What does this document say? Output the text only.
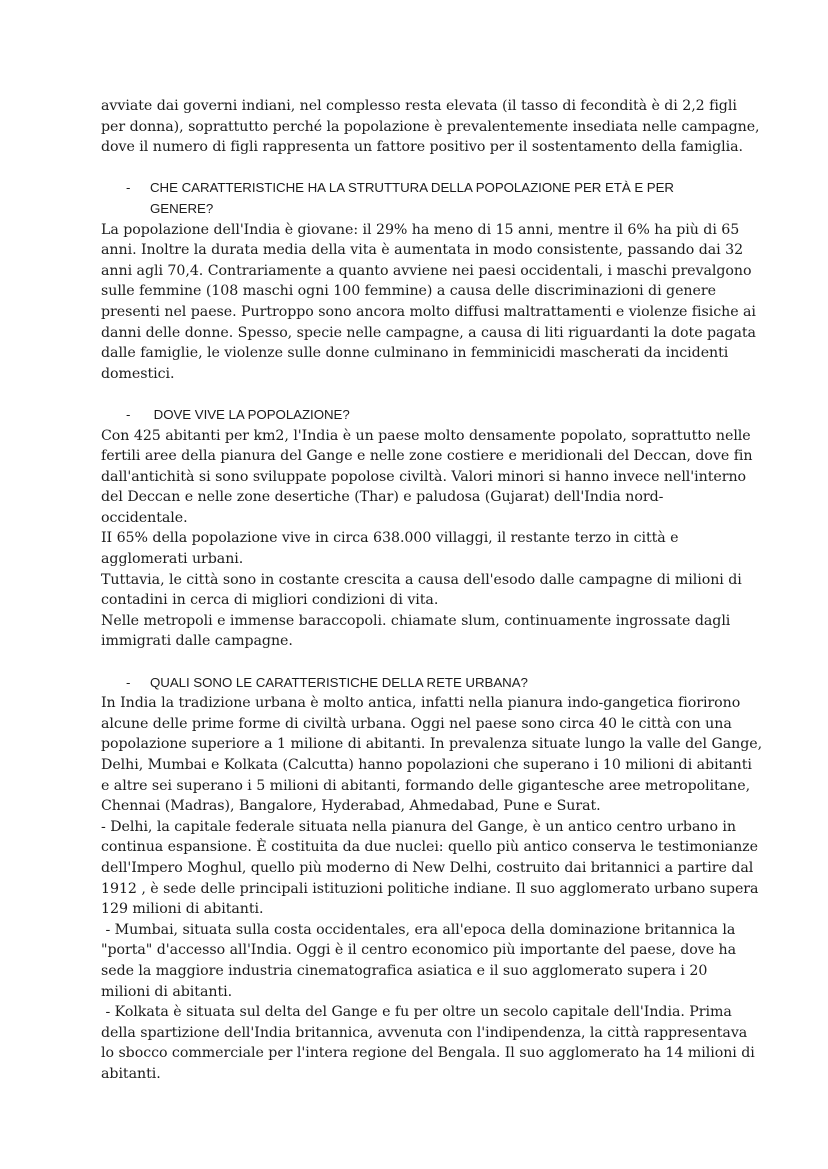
avviate dai governi indiani, nel complesso resta elevata (il tasso di fecondità è di 2,2 figli
per donna), soprattutto perché la popolazione è prevalentemente insediata nelle campagne,
dove il numero di figli rappresenta un fattore positivo per il sostentamento della famiglia.

- CHE CARATTERISTICHE HA LA STRUTTURA DELLA POPOLAZIONE PER ETÀ E PER
GENERE?

La popolazione dell'India è giovane: il 29% ha meno di 15 anni, mentre il 6% ha più di 65
anni. Inoltre la durata media della vita è aumentata in modo consistente, passando dai 32
anni agli 70,4. Contrariamente a quanto avviene nei paesi occidentali, i maschi prevalgono
sulle femmine (108 maschi ogni 100 femmine) a causa delle discriminazioni di genere
presenti nel paese. Purtroppo sono ancora molto diffusi maltrattamenti e violenze fisiche ai
danni delle donne. Spesso, specie nelle campagne, a causa di liti riguardanti la dote pagata
dalle famiglie, le violenze sulle donne culminano in femminicidi mascherati da incidenti
domestici.

- DOVE VIVE LA POPOLAZIONE?

Con 425 abitanti per km2, l'India è un paese molto densamente popolato, soprattutto nelle
fertili aree della pianura del Gange e nelle zone costiere e meridionali del Deccan, dove fin
dall'antichità si sono sviluppate popolose civiltà. Valori minori si hanno invece nell'interno
del Deccan e nelle zone desertiche (Thar) e paludosa (Gujarat) dell'India nord-
occidentale.
II 65% della popolazione vive in circa 638.000 villaggi, il restante terzo in città e
agglomerati urbani.
Tuttavia, le città sono in costante crescita a causa dell'esodo dalle campagne di milioni di
contadini in cerca di migliori condizioni di vita.
Nelle metropoli e immense baraccopoli. chiamate slum, continuamente ingrossate dagli
immigrati dalle campagne.

- QUALI SONO LE CARATTERISTICHE DELLA RETE URBANA?

In India la tradizione urbana è molto antica, infatti nella pianura indo-gangetica fiorirono
alcune delle prime forme di civiltà urbana. Oggi nel paese sono circa 40 le città con una
popolazione superiore a 1 milione di abitanti. In prevalenza situate lungo la valle del Gange,
Delhi, Mumbai e Kolkata (Calcutta) hanno popolazioni che superano i 10 milioni di abitanti
e altre sei superano i 5 milioni di abitanti, formando delle gigantesche aree metropolitane,
Chennai (Madras), Bangalore, Hyderabad, Ahmedabad, Pune e Surat.
- Delhi, la capitale federale situata nella pianura del Gange, è un antico centro urbano in
continua espansione. È costituita da due nuclei: quello più antico conserva le testimonianze
dell'Impero Moghul, quello più moderno di New Delhi, costruito dai britannici a partire dal
1912 , è sede delle principali istituzioni politiche indiane. Il suo agglomerato urbano supera
129 milioni di abitanti.
- Mumbai, situata sulla costa occidentales, era all'epoca della dominazione britannica la
"porta" d'accesso all'India. Oggi è il centro economico più importante del paese, dove ha
sede la maggiore industria cinematografica asiatica e il suo agglomerato supera i 20
milioni di abitanti.
- Kolkata è situata sul delta del Gange e fu per oltre un secolo capitale dell'India. Prima
della spartizione dell'India britannica, avvenuta con l'indipendenza, la città rappresentava
lo sbocco commerciale per l'intera regione del Bengala. Il suo agglomerato ha 14 milioni di
abitanti.
